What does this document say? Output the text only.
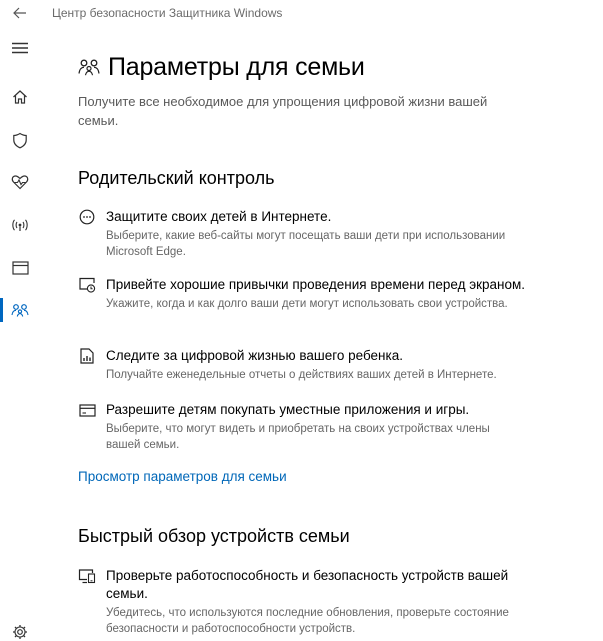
Центр безопасности Защитника Windows
Параметры для семьи
Получите все необходимое для упрощения цифровой жизни вашей семьи.
Родительский контроль
Защитите своих детей в Интернете.
Выберите, какие веб-сайты могут посещать ваши дети при использовании Microsoft Edge.
Привейте хорошие привычки проведения времени перед экраном.
Укажите, когда и как долго ваши дети могут использовать свои устройства.
Следите за цифровой жизнью вашего ребенка.
Получайте еженедельные отчеты о действиях ваших детей в Интернете.
Разрешите детям покупать уместные приложения и игры.
Выберите, что могут видеть и приобретать на своих устройствах члены вашей семьи.
Просмотр параметров для семьи
Быстрый обзор устройств семьи
Проверьте работоспособность и безопасность устройств вашей семьи.
Убедитесь, что используются последние обновления, проверьте состояние безопасности и работоспособности устройств.
